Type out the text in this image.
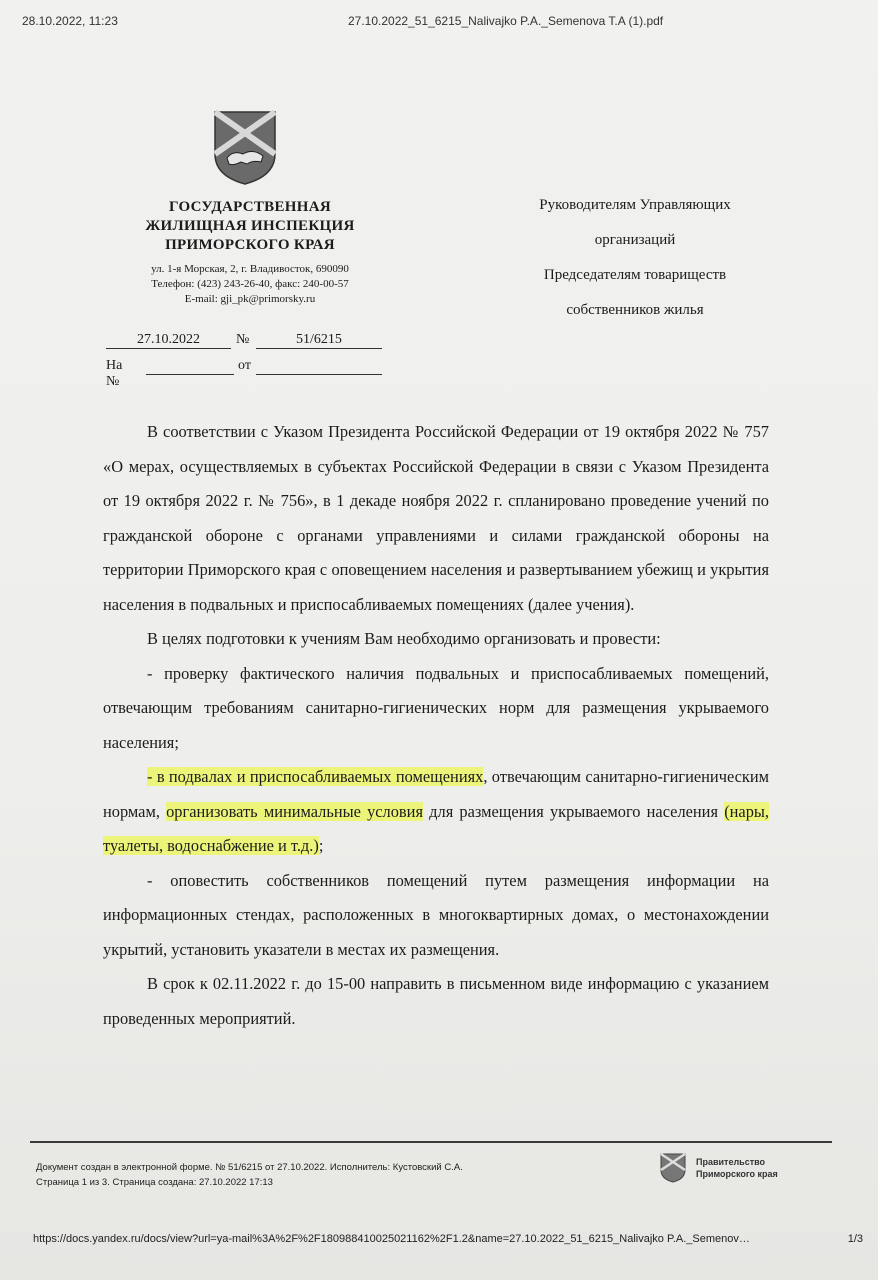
28.10.2022, 11:23	27.10.2022_51_6215_Nalivajko P.A._Semenova T.A (1).pdf
ГОСУДАРСТВЕННАЯ
ЖИЛИЩНАЯ ИНСПЕКЦИЯ
ПРИМОРСКОГО КРАЯ
ул. 1-я Морская, 2, г. Владивосток, 690090
Телефон: (423) 243-26-40, факс: 240-00-57
E-mail: gji_pk@primorsky.ru
Руководителям Управляющих
организаций
Председателям товариществ
собственников жилья
27.10.2022	№	51/6215
На №
от

В соответствии с Указом Президента Российской Федерации от 19 октября 2022 № 757 «О мерах, осуществляемых в субъектах Российской Федерации в связи с Указом Президента от 19 октября 2022 г. № 756», в 1 декаде ноября 2022 г. спланировано проведение учений по гражданской обороне с органами управлениями и силами гражданской обороны на территории Приморского края с оповещением населения и развертыванием убежищ и укрытия населения в подвальных и приспосабливаемых помещениях (далее учения).

В целях подготовки к учениям Вам необходимо организовать и провести:

- проверку фактического наличия подвальных и приспосабливаемых помещений, отвечающим требованиям санитарно-гигиенических норм для размещения укрываемого населения;

- в подвалах и приспосабливаемых помещениях, отвечающим санитарно-гигиеническим нормам, организовать минимальные условия для размещения укрываемого населения (нары, туалеты, водоснабжение и т.д.);

- оповестить собственников помещений путем размещения информации на информационных стендах, расположенных в многоквартирных домах, о местонахождении укрытий, установить указатели в местах их размещения.

В срок к 02.11.2022 г. до 15-00 направить в письменном виде информацию с указанием проведенных мероприятий.

Документ создан в электронной форме. № 51/6215 от 27.10.2022. Исполнитель: Кустовский С.А.
Страница 1 из 3. Страница создана: 27.10.2022 17:13
Правительство
Приморского края
https://docs.yandex.ru/docs/view?url=ya-mail%3A%2F%2F180988410025021162%2F1.2&name=27.10.2022_51_6215_Nalivajko P.A._Semenov…	1/3
